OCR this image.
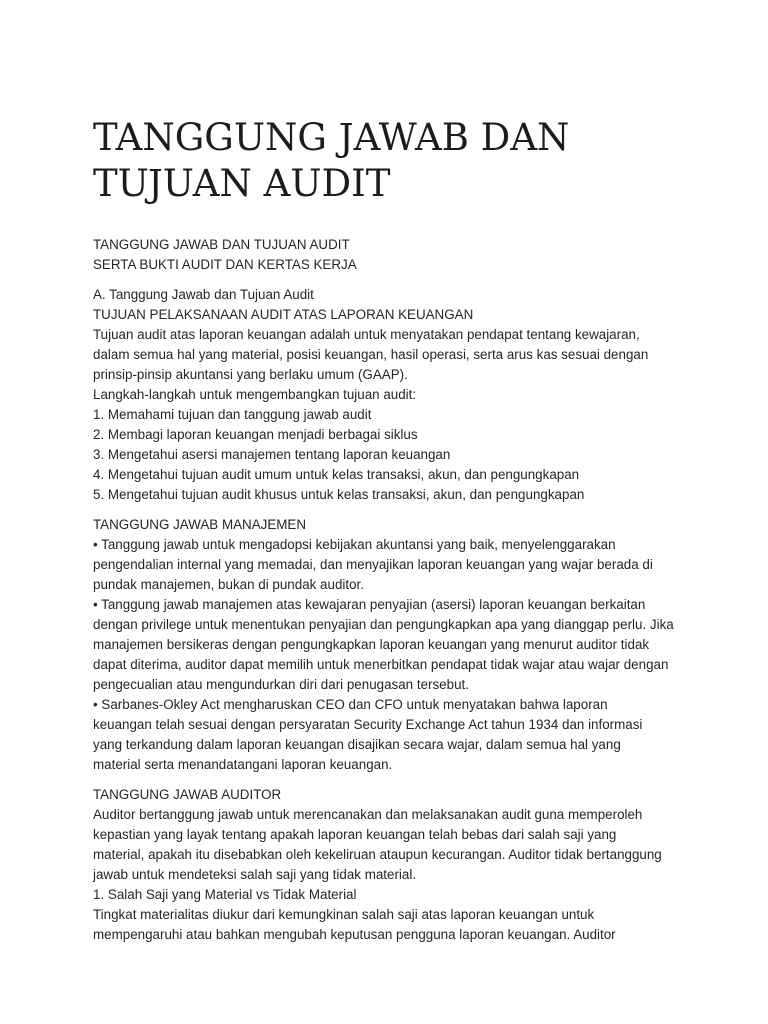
TANGGUNG JAWAB DAN
TUJUAN AUDIT
TANGGUNG JAWAB DAN TUJUAN AUDIT
SERTA BUKTI AUDIT DAN KERTAS KERJA
A. Tanggung Jawab dan Tujuan Audit
TUJUAN PELAKSANAAN AUDIT ATAS LAPORAN KEUANGAN
Tujuan audit atas laporan keuangan adalah untuk menyatakan pendapat tentang kewajaran,
dalam semua hal yang material, posisi keuangan, hasil operasi, serta arus kas sesuai dengan
prinsip-pinsip akuntansi yang berlaku umum (GAAP).
Langkah-langkah untuk mengembangkan tujuan audit:
1. Memahami tujuan dan tanggung jawab audit
2. Membagi laporan keuangan menjadi berbagai siklus
3. Mengetahui asersi manajemen tentang laporan keuangan
4. Mengetahui tujuan audit umum untuk kelas transaksi, akun, dan pengungkapan
5. Mengetahui tujuan audit khusus untuk kelas transaksi, akun, dan pengungkapan
TANGGUNG JAWAB MANAJEMEN
• Tanggung jawab untuk mengadopsi kebijakan akuntansi yang baik, menyelenggarakan
pengendalian internal yang memadai, dan menyajikan laporan keuangan yang wajar berada di
pundak manajemen, bukan di pundak auditor.
• Tanggung jawab manajemen atas kewajaran penyajian (asersi) laporan keuangan berkaitan
dengan privilege untuk menentukan penyajian dan pengungkapkan apa yang dianggap perlu. Jika
manajemen bersikeras dengan pengungkapkan laporan keuangan yang menurut auditor tidak
dapat diterima, auditor dapat memilih untuk menerbitkan pendapat tidak wajar atau wajar dengan
pengecualian atau mengundurkan diri dari penugasan tersebut.
• Sarbanes-Okley Act mengharuskan CEO dan CFO untuk menyatakan bahwa laporan
keuangan telah sesuai dengan persyaratan Security Exchange Act tahun 1934 dan informasi
yang terkandung dalam laporan keuangan disajikan secara wajar, dalam semua hal yang
material serta menandatangani laporan keuangan.
TANGGUNG JAWAB AUDITOR
Auditor bertanggung jawab untuk merencanakan dan melaksanakan audit guna memperoleh
kepastian yang layak tentang apakah laporan keuangan telah bebas dari salah saji yang
material, apakah itu disebabkan oleh kekeliruan ataupun kecurangan. Auditor tidak bertanggung
jawab untuk mendeteksi salah saji yang tidak material.
1. Salah Saji yang Material vs Tidak Material
Tingkat materialitas diukur dari kemungkinan salah saji atas laporan keuangan untuk
mempengaruhi atau bahkan mengubah keputusan pengguna laporan keuangan. Auditor
